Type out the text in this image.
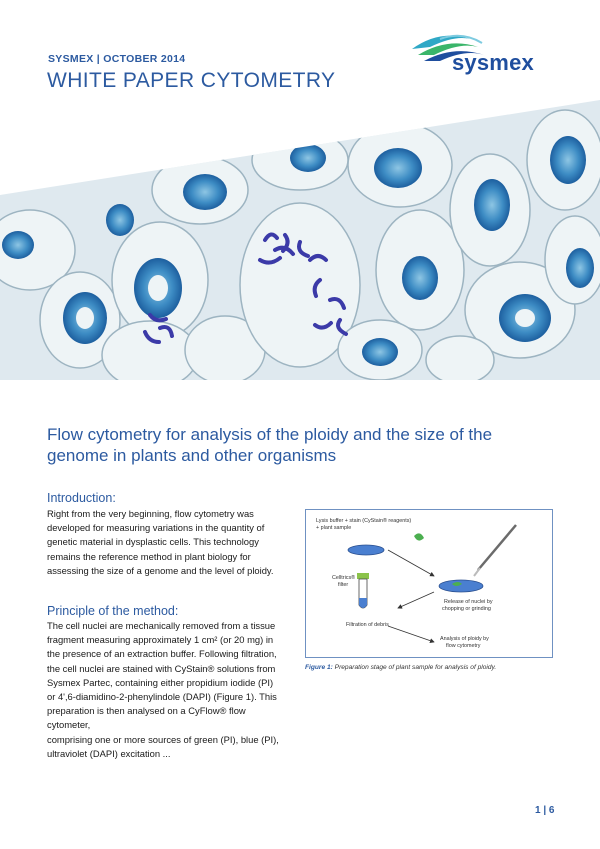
SYSMEX | OCTOBER 2014
WHITE PAPER CYTOMETRY
sysmex
Flow cytometry for analysis of the ploidy and the size of the genome in plants and other organisms
Introduction:
Right from the very beginning, flow cytometry was
developed for measuring variations in the quantity of
genetic material in dysplastic cells. This technology
remains the reference method in plant biology for
assessing the size of a genome and the level of ploidy.
Principle of the method:
The cell nuclei are mechanically removed from a tissue
fragment measuring approximately 1 cm² (or 20 mg) in
the presence of an extraction buffer. Following filtration,
the cell nuclei are stained with CyStain® solutions from
Sysmex Partec, containing either propidium iodide (PI)
or 4',6-diamidino-2-phenylindole (DAPI) (Figure 1). This
preparation is then analysed on a CyFlow® flow cytometer,
comprising one or more sources of green (PI), blue (PI),
ultraviolet (DAPI) excitation ...
Lysis buffer + stain (CyStain® reagents)
+ plant sample
Celltrics®
filter
Release of nuclei by
chopping or grinding
Filtration of debris
Analysis of ploidy by
flow cytometry
Figure 1: Preparation stage of plant sample for analysis of ploidy.
1 | 6
